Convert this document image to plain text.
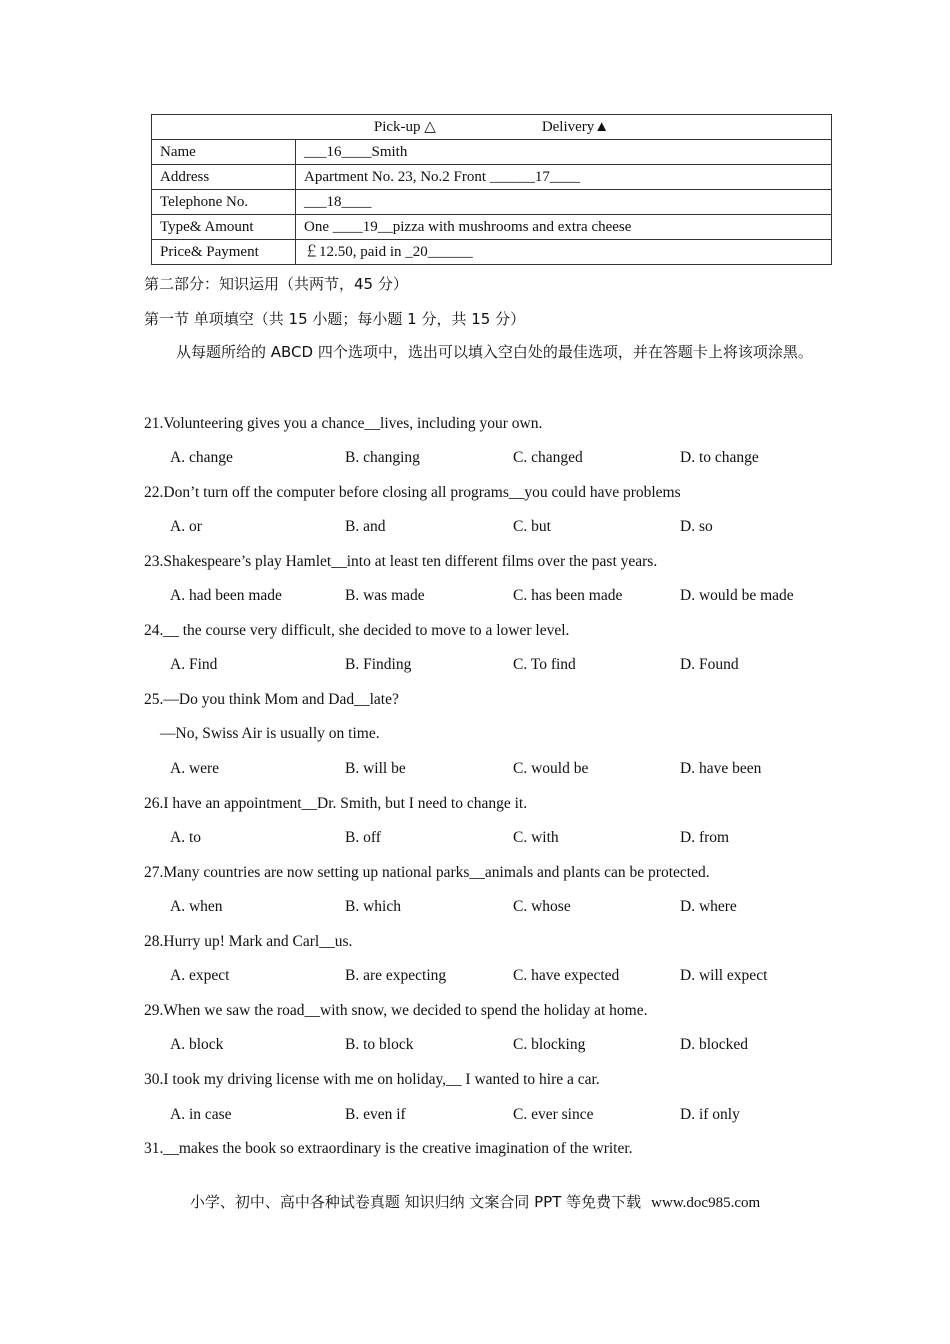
Pick-up △ Delivery▲	
Name	___16____Smith
Address	Apartment No. 23, No.2 Front ______17____
Telephone No.	___18____
Type& Amount	One ____19__pizza with mushrooms and extra cheese
Price& Payment	￡12.50, paid in _20______
第二部分：知识运用（共两节，45 分）
第一节 单项填空（共 15 小题；每小题 1 分，共 15 分）
从每题所给的 ABCD 四个选项中，选出可以填入空白处的最佳选项，并在答题卡上将该项涂黑。
21.Volunteering gives you a chance__lives, including your own.
A. change	B. changing	C. changed	D. to change
22.Don’t turn off the computer before closing all programs__you could have problems
A. or	B. and	C. but	D. so
23.Shakespeare’s play Hamlet__into at least ten different films over the past years.
A. had been made	B. was made	C. has been made	D. would be made
24.__ the course very difficult, she decided to move to a lower level.
A. Find	B. Finding	C. To find	D. Found
25.—Do you think Mom and Dad__late?
—No, Swiss Air is usually on time.
A. were	B. will be	C. would be	D. have been
26.I have an appointment__Dr. Smith, but I need to change it.
A. to	B. off	C. with	D. from
27.Many countries are now setting up national parks__animals and plants can be protected.
A. when	B. which	C. whose	D. where
28.Hurry up! Mark and Carl__us.
A. expect	B. are expecting	C. have expected	D. will expect
29.When we saw the road__with snow, we decided to spend the holiday at home.
A. block	B. to block	C. blocking	D. blocked
30.I took my driving license with me on holiday,__ I wanted to hire a car.
A. in case	B. even if	C. ever since	D. if only
31.__makes the book so extraordinary is the creative imagination of the writer.
小学、初中、高中各种试卷真题 知识归纳 文案合同 PPT 等免费下载 www.doc985.com
